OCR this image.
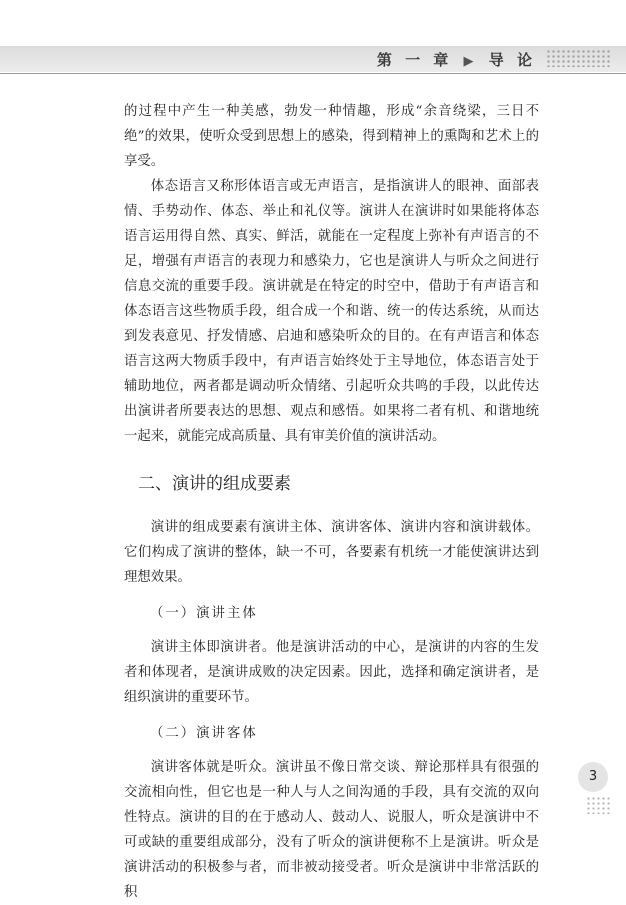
第 一 章 ▶ 导 论

的过程中产生一种美感，勃发一种情趣，形成“余音绕梁，三日不绝”的效果，使听众受到思想上的感染，得到精神上的熏陶和艺术上的享受。

体态语言又称形体语言或无声语言，是指演讲人的眼神、面部表情、手势动作、体态、举止和礼仪等。演讲人在演讲时如果能将体态语言运用得自然、真实、鲜活，就能在一定程度上弥补有声语言的不足，增强有声语言的表现力和感染力，它也是演讲人与听众之间进行信息交流的重要手段。演讲就是在特定的时空中，借助于有声语言和体态语言这些物质手段，组合成一个和谐、统一的传达系统，从而达到发表意见、抒发情感、启迪和感染听众的目的。在有声语言和体态语言这两大物质手段中，有声语言始终处于主导地位，体态语言处于辅助地位，两者都是调动听众情绪、引起听众共鸣的手段，以此传达出演讲者所要表达的思想、观点和感悟。如果将二者有机、和谐地统一起来，就能完成高质量、具有审美价值的演讲活动。

二、演讲的组成要素

演讲的组成要素有演讲主体、演讲客体、演讲内容和演讲载体。它们构成了演讲的整体，缺一不可，各要素有机统一才能使演讲达到理想效果。

（一）演讲主体

演讲主体即演讲者。他是演讲活动的中心，是演讲的内容的生发者和体现者，是演讲成败的决定因素。因此，选择和确定演讲者，是组织演讲的重要环节。

（二）演讲客体

演讲客体就是听众。演讲虽不像日常交谈、辩论那样具有很强的交流相向性，但它也是一种人与人之间沟通的手段，具有交流的双向性特点。演讲的目的在于感动人、鼓动人、说服人，听众是演讲中不可或缺的重要组成部分，没有了听众的演讲便称不上是演讲。听众是演讲活动的积极参与者，而非被动接受者。听众是演讲中非常活跃的积

3
